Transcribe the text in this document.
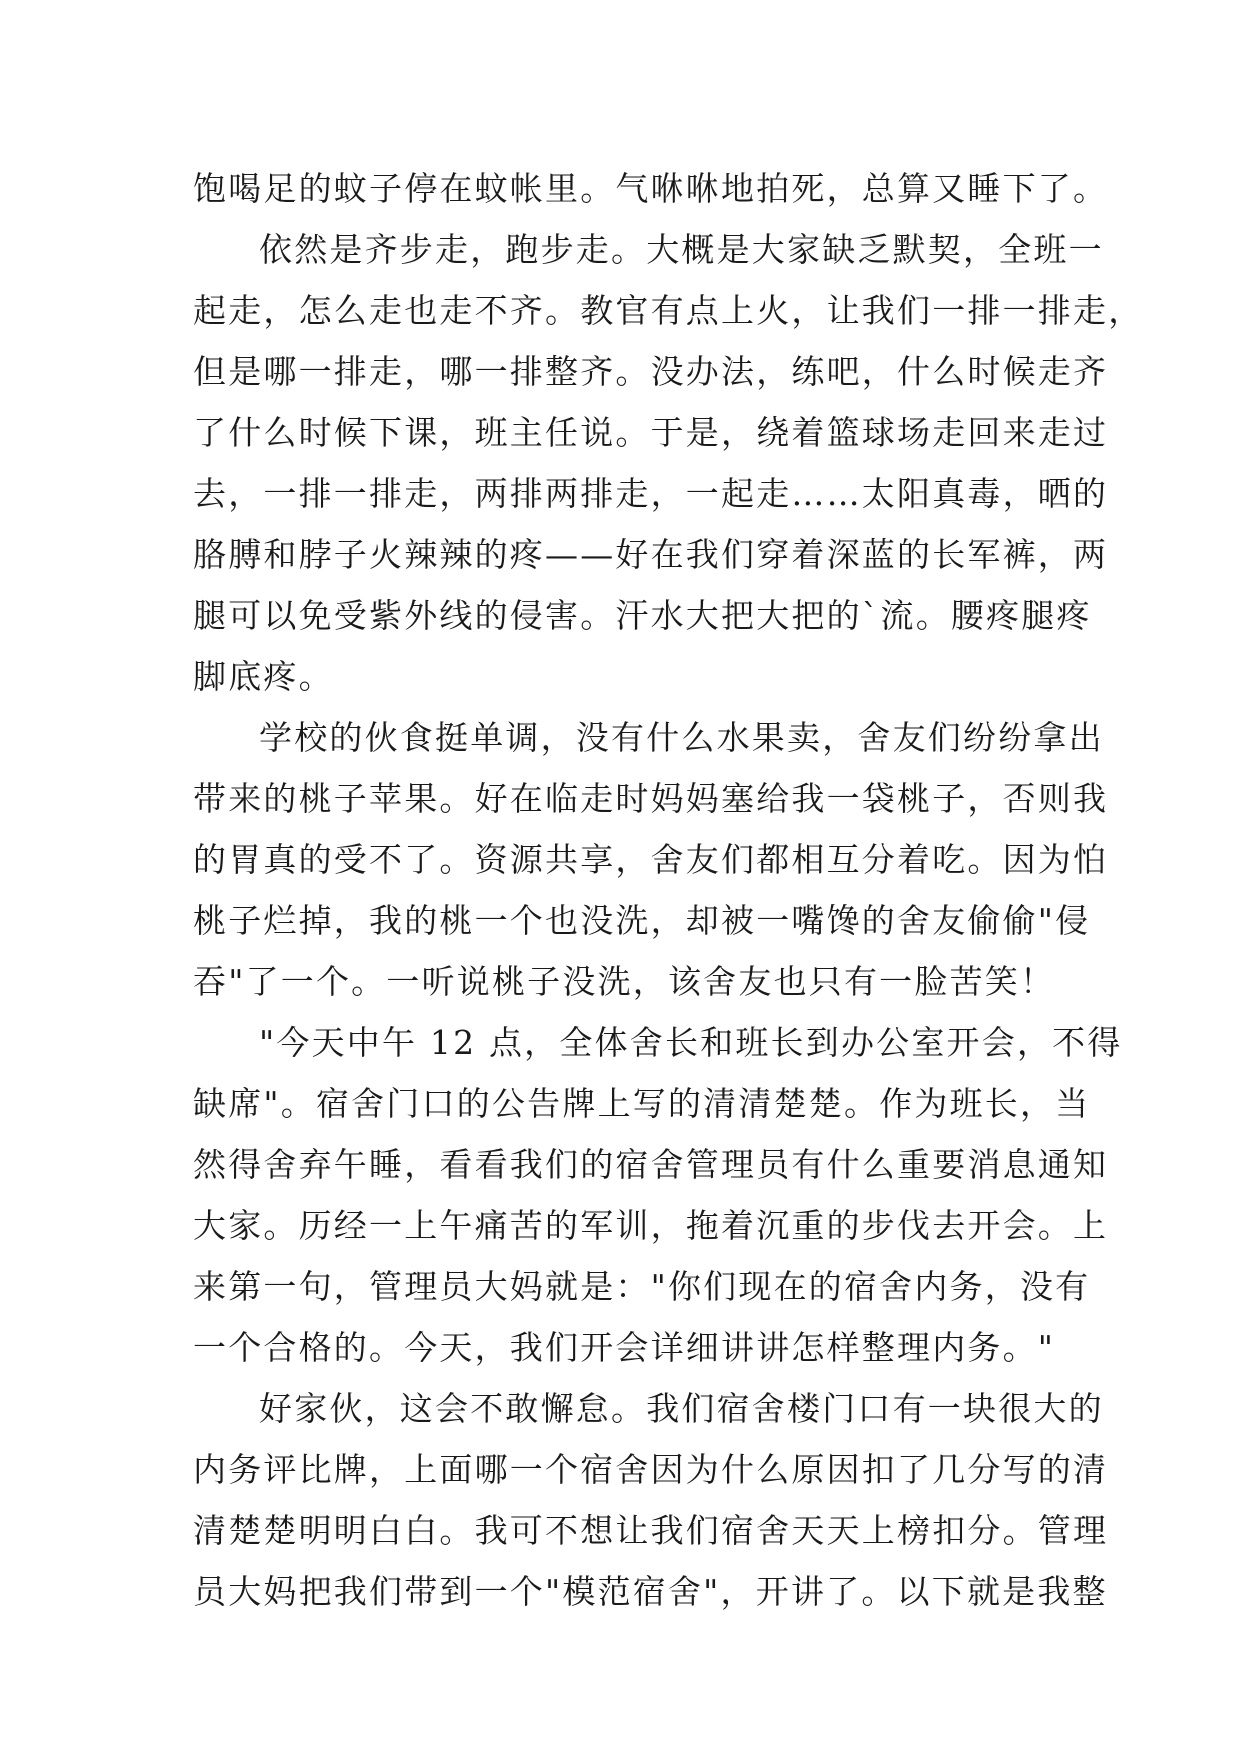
饱喝足的蚊子停在蚊帐里。气咻咻地拍死，总算又睡下了。
依然是齐步走，跑步走。大概是大家缺乏默契，全班一
起走，怎么走也走不齐。教官有点上火，让我们一排一排走，
但是哪一排走，哪一排整齐。没办法，练吧，什么时候走齐
了什么时候下课，班主任说。于是，绕着篮球场走回来走过
去，一排一排走，两排两排走，一起走……太阳真毒，晒的
胳膊和脖子火辣辣的疼——好在我们穿着深蓝的长军裤，两
腿可以免受紫外线的侵害。汗水大把大把的`流。腰疼腿疼
脚底疼。
学校的伙食挺单调，没有什么水果卖，舍友们纷纷拿出
带来的桃子苹果。好在临走时妈妈塞给我一袋桃子，否则我
的胃真的受不了。资源共享，舍友们都相互分着吃。因为怕
桃子烂掉，我的桃一个也没洗，却被一嘴馋的舍友偷偷"侵
吞"了一个。一听说桃子没洗，该舍友也只有一脸苦笑！
"今天中午 12 点，全体舍长和班长到办公室开会，不得
缺席"。宿舍门口的公告牌上写的清清楚楚。作为班长，当
然得舍弃午睡，看看我们的宿舍管理员有什么重要消息通知
大家。历经一上午痛苦的军训，拖着沉重的步伐去开会。上
来第一句，管理员大妈就是："你们现在的宿舍内务，没有
一个合格的。今天，我们开会详细讲讲怎样整理内务。"
好家伙，这会不敢懈怠。我们宿舍楼门口有一块很大的
内务评比牌，上面哪一个宿舍因为什么原因扣了几分写的清
清楚楚明明白白。我可不想让我们宿舍天天上榜扣分。管理
员大妈把我们带到一个"模范宿舍"，开讲了。以下就是我整
